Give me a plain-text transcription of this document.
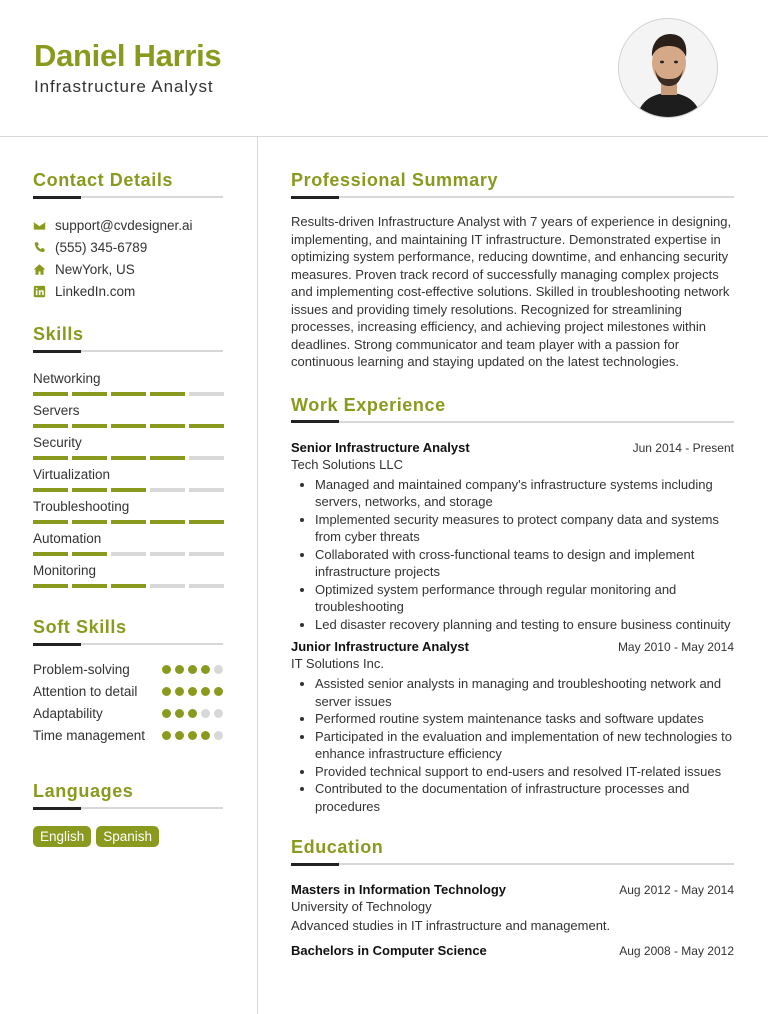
Daniel Harris
Infrastructure Analyst
Contact Details
support@cvdesigner.ai
(555) 345-6789
NewYork, US
LinkedIn.com
Skills
Networking
Servers
Security
Virtualization
Troubleshooting
Automation
Monitoring
Soft Skills
Problem-solving
Attention to detail
Adaptability
Time management
Languages
English	Spanish
Professional Summary

Results-driven Infrastructure Analyst with 7 years of experience in designing, implementing, and maintaining IT infrastructure. Demonstrated expertise in optimizing system performance, reducing downtime, and enhancing security measures. Proven track record of successfully managing complex projects and implementing cost-effective solutions. Skilled in troubleshooting network issues and providing timely resolutions. Recognized for streamlining processes, increasing efficiency, and achieving project milestones within deadlines. Strong communicator and team player with a passion for continuous learning and staying updated on the latest technologies.

Work Experience
Senior Infrastructure Analyst	Jun 2014 - Present
Tech Solutions LLC
• Managed and maintained company's infrastructure systems including servers, networks, and storage
• Implemented security measures to protect company data and systems from cyber threats
• Collaborated with cross-functional teams to design and implement infrastructure projects
• Optimized system performance through regular monitoring and troubleshooting
• Led disaster recovery planning and testing to ensure business continuity
Junior Infrastructure Analyst	May 2010 - May 2014
IT Solutions Inc.
• Assisted senior analysts in managing and troubleshooting network and server issues
• Performed routine system maintenance tasks and software updates
• Participated in the evaluation and implementation of new technologies to enhance infrastructure efficiency
• Provided technical support to end-users and resolved IT-related issues
• Contributed to the documentation of infrastructure processes and procedures
Education
Masters in Information Technology	Aug 2012 - May 2014
University of Technology
Advanced studies in IT infrastructure and management.
Bachelors in Computer Science	Aug 2008 - May 2012
